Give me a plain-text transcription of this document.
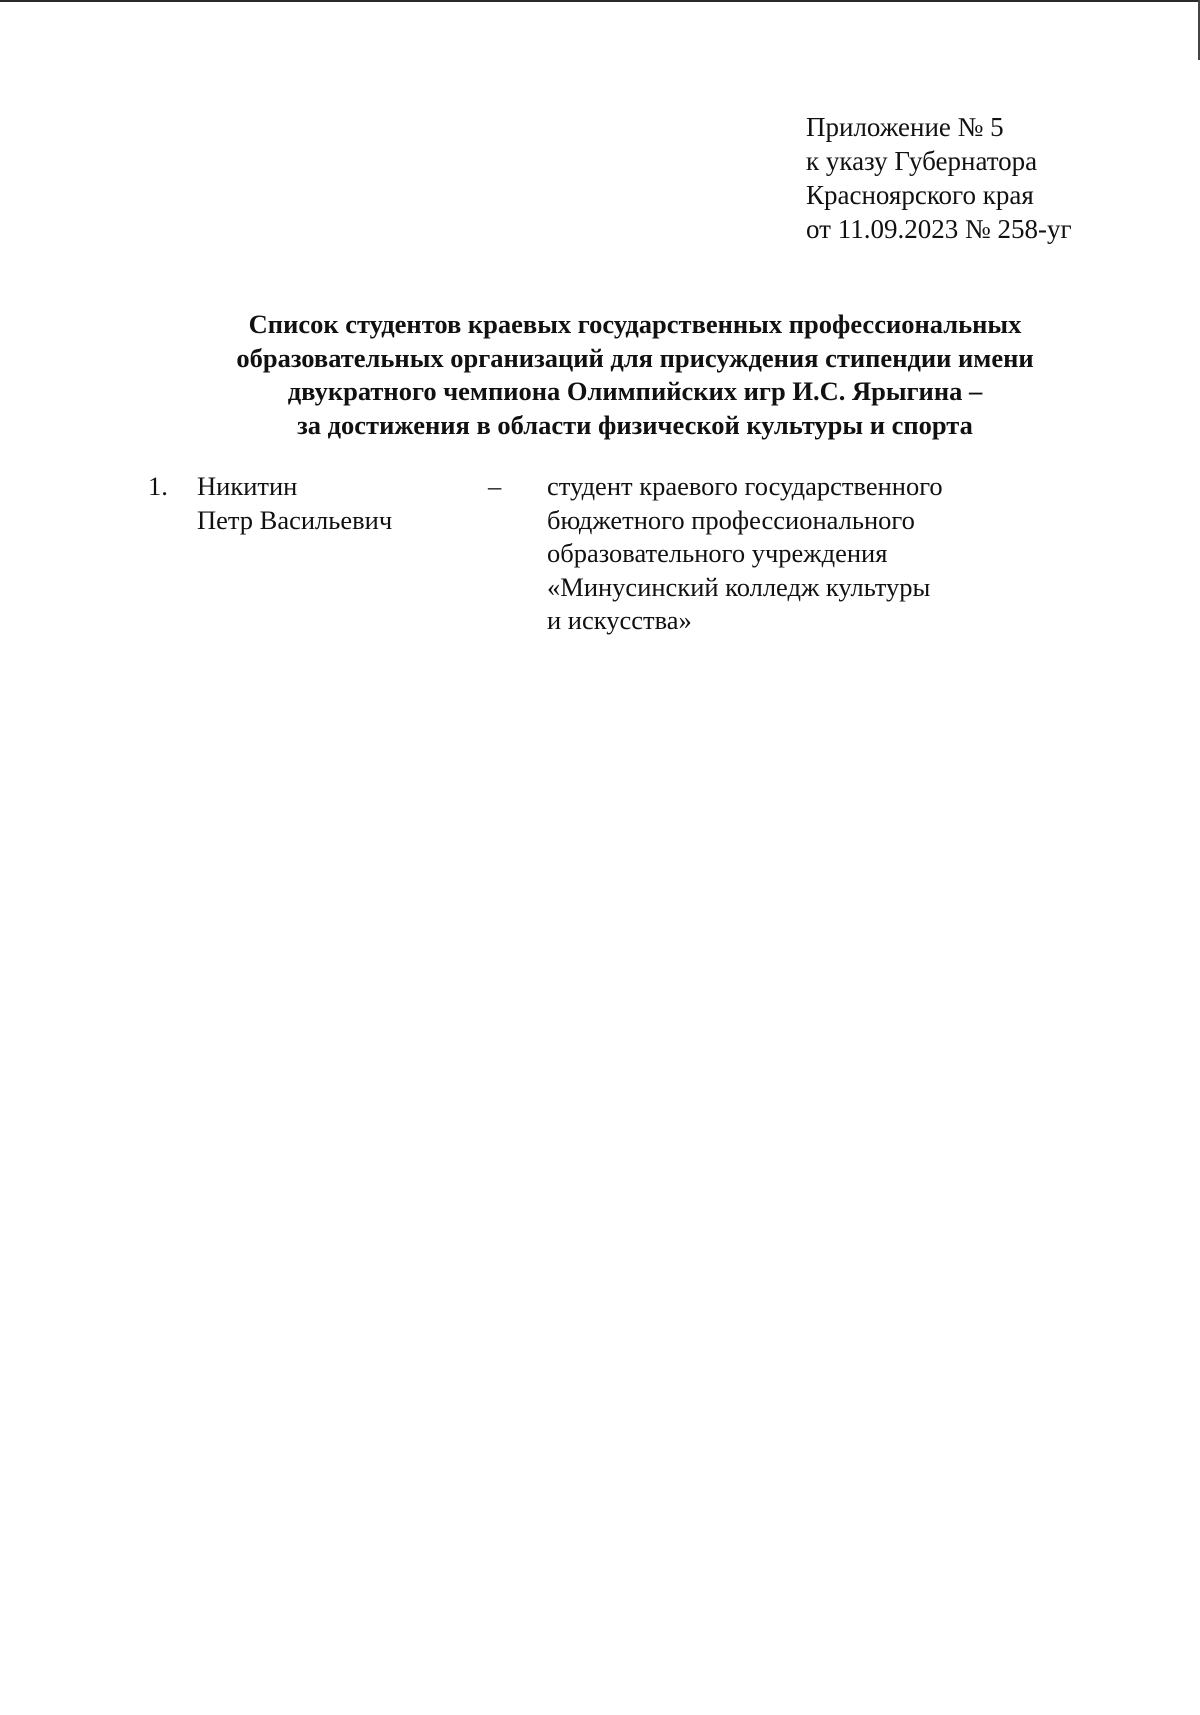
Приложение № 5
к указу Губернатора
Красноярского края
от 11.09.2023 № 258-уг
Список студентов краевых государственных профессиональных
образовательных организаций для присуждения стипендии имени
двукратного чемпиона Олимпийских игр И.С. Ярыгина –
за достижения в области физической культуры и спорта
1. Никитин
Петр Васильевич
– студент краевого государственного
бюджетного профессионального
образовательного учреждения
«Минусинский колледж культуры
и искусства»
